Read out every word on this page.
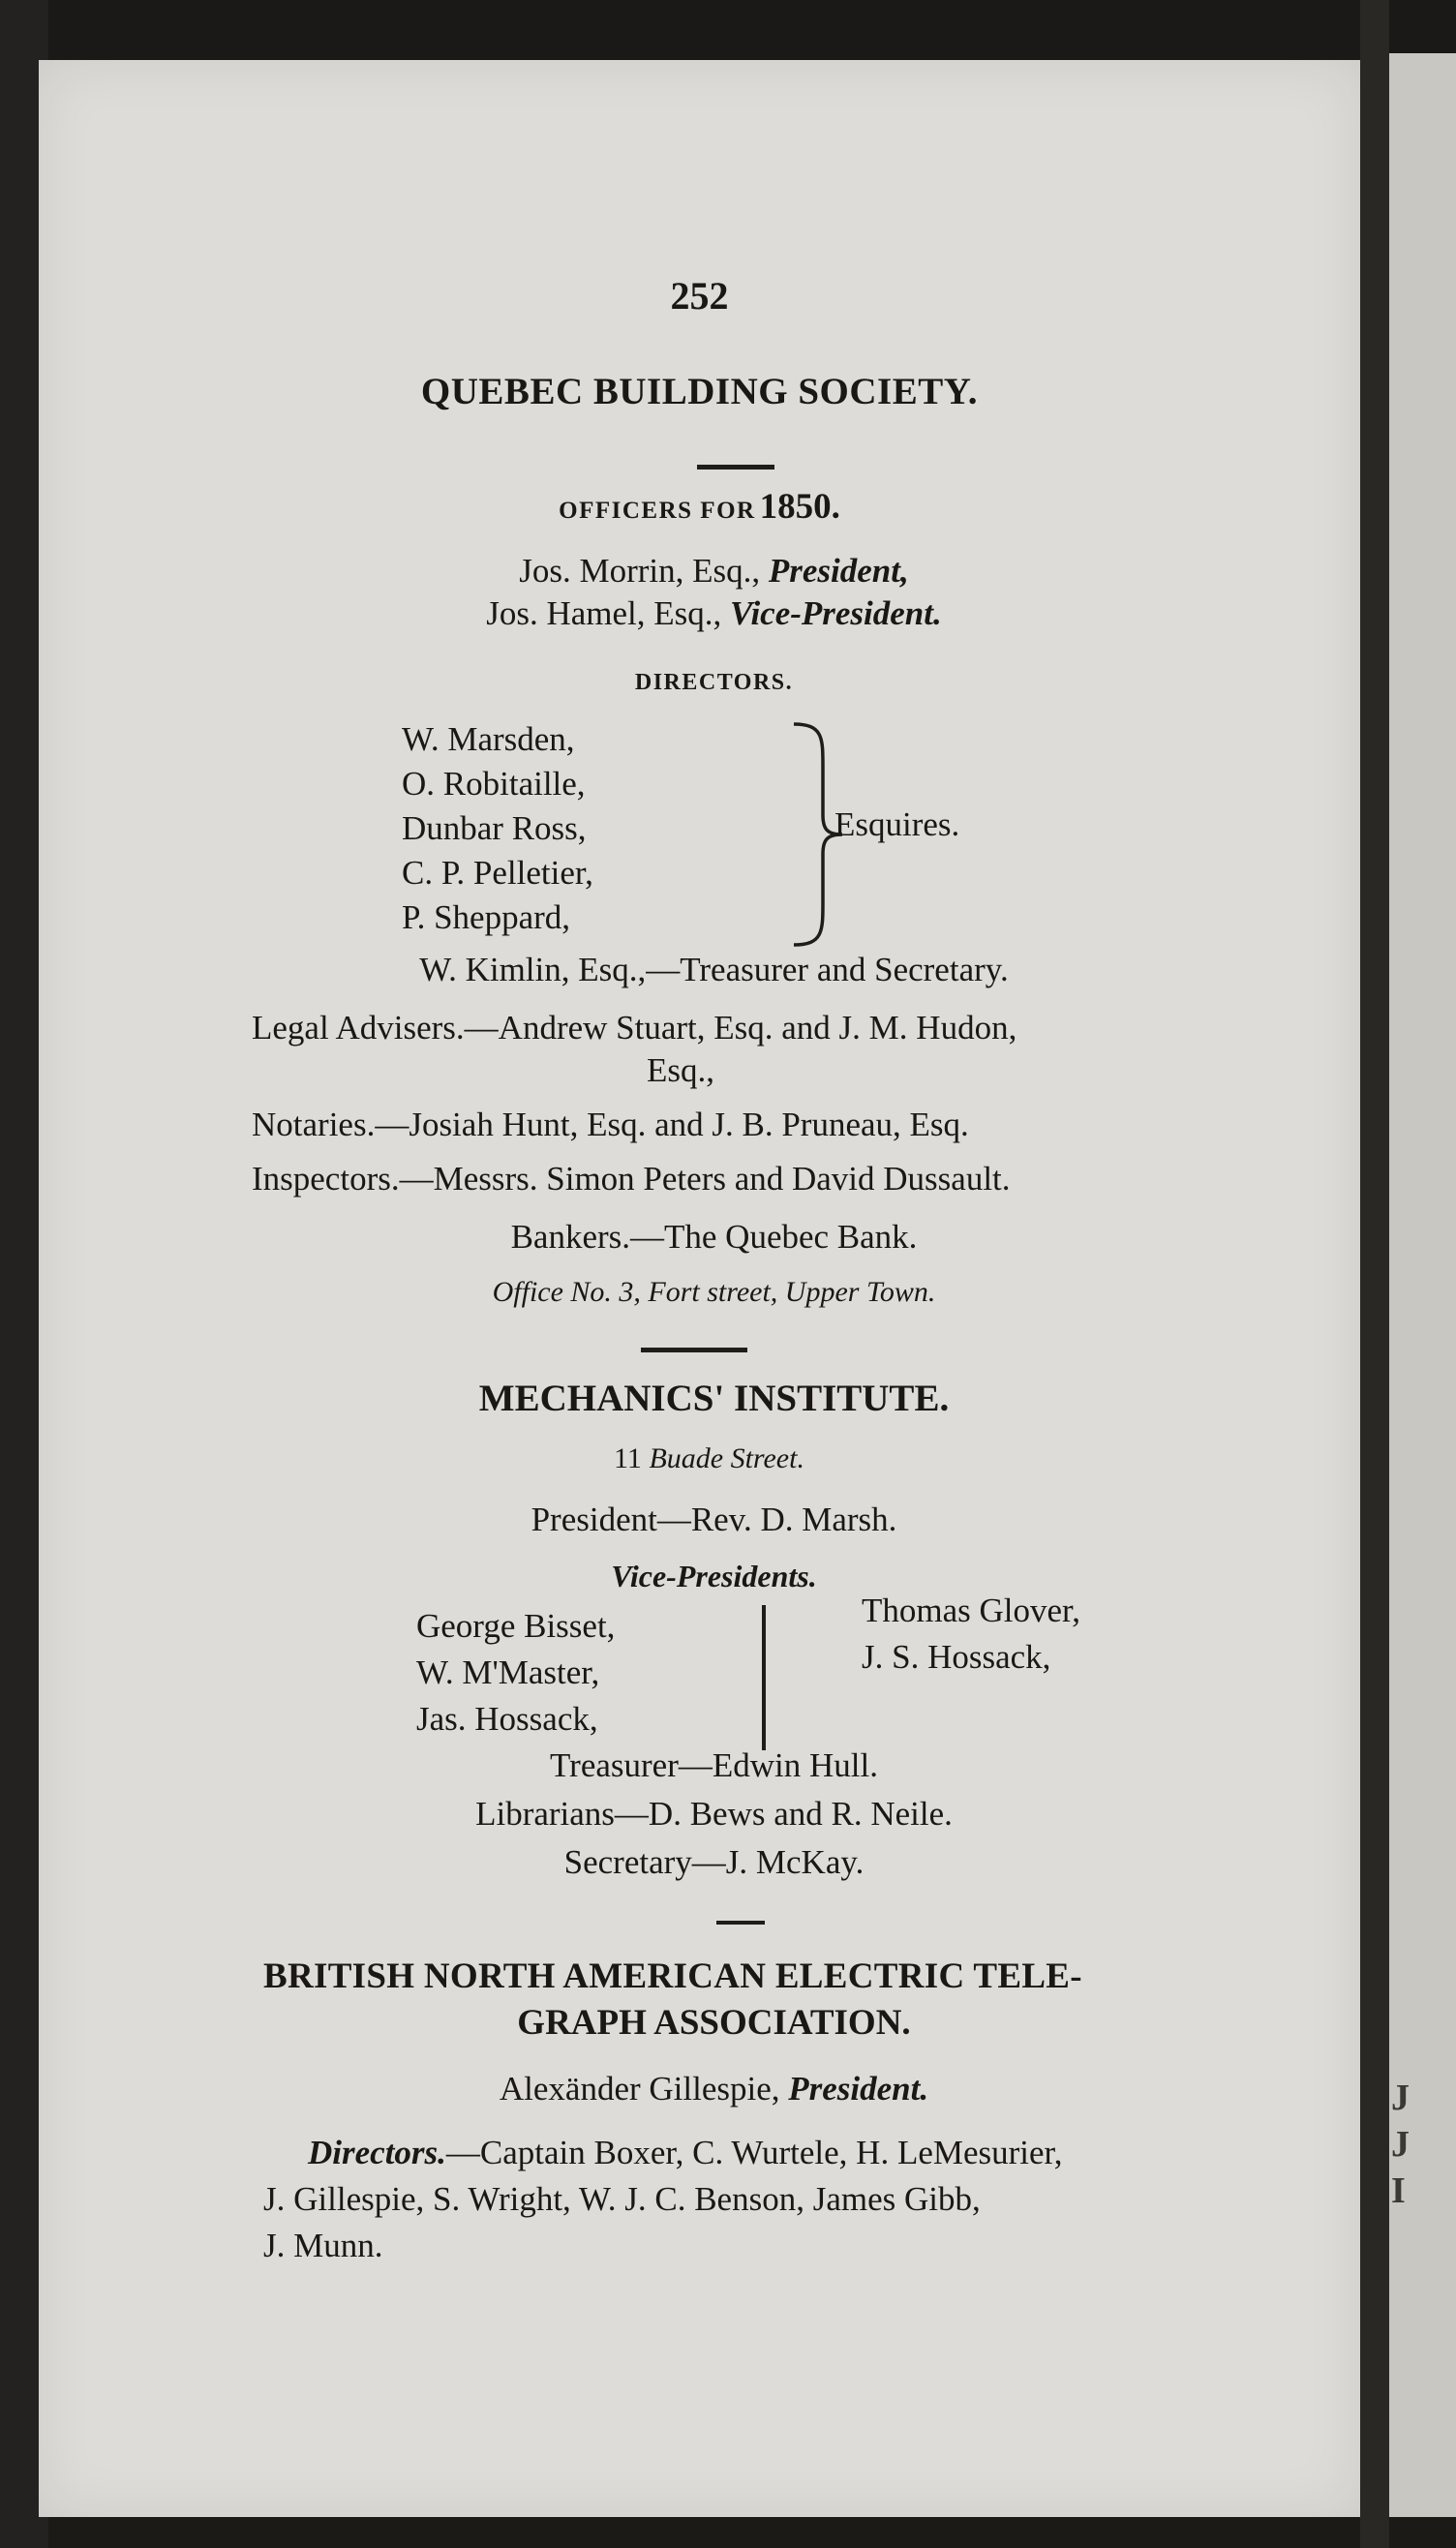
252
QUEBEC BUILDING SOCIETY.
OFFICERS FOR 1850.
Jos. Morrin, Esq., President,
Jos. Hamel, Esq., Vice-President.
DIRECTORS.
W. Marsden,
O. Robitaille,
Dunbar Ross,
C. P. Pelletier,
P. Sheppard,
Esquires.
W. Kimlin, Esq.,—Treasurer and Secretary.
Legal Advisers.—Andrew Stuart, Esq. and J. M. Hudon,
Esq.,
Notaries.—Josiah Hunt, Esq. and J. B. Pruneau, Esq.
Inspectors.—Messrs. Simon Peters and David Dussault.
Bankers.—The Quebec Bank.
Office No. 3, Fort street, Upper Town.
MECHANICS' INSTITUTE.
11 Buade Street.
President—Rev. D. Marsh.
Vice-Presidents.
George Bisset,
W. M'Master,
Jas. Hossack,
Thomas Glover,
J. S. Hossack,
Treasurer—Edwin Hull.
Librarians—D. Bews and R. Neile.
Secretary—J. McKay.
BRITISH NORTH AMERICAN ELECTRIC TELE-
GRAPH ASSOCIATION.
Alexänder Gillespie, President.
Directors.—Captain Boxer, C. Wurtele, H. LeMesurier,
J. Gillespie, S. Wright, W. J. C. Benson, James Gibb,
J. Munn.
J
J
I
